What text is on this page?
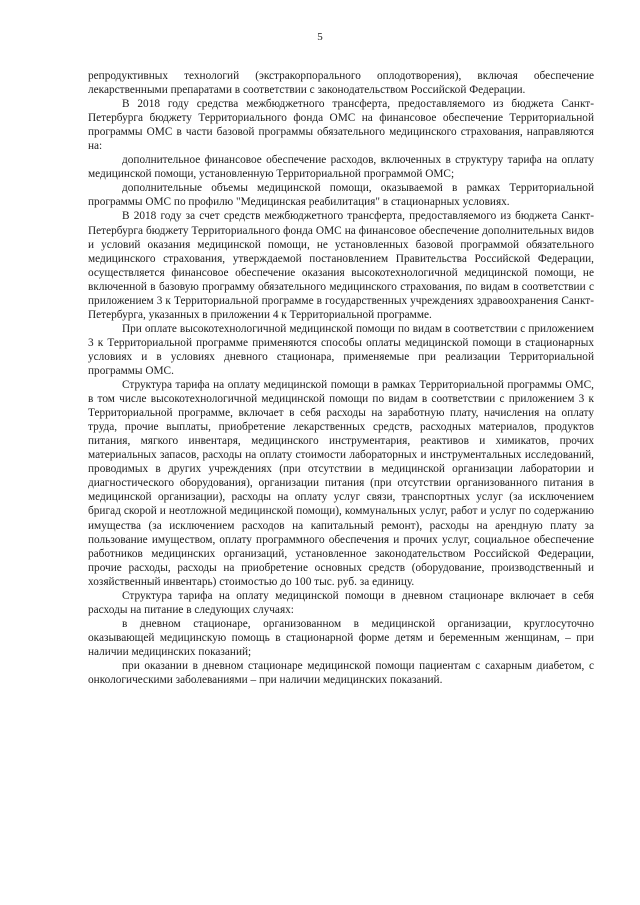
5

репродуктивных технологий (экстракорпорального оплодотворения), включая обеспечение лекарственными препаратами в соответствии с законодательством Российской Федерации.

В 2018 году средства межбюджетного трансферта, предоставляемого из бюджета Санкт-Петербурга бюджету Территориального фонда ОМС на финансовое обеспечение Территориальной программы ОМС в части базовой программы обязательного медицинского страхования, направляются на:

дополнительное финансовое обеспечение расходов, включенных в структуру тарифа на оплату медицинской помощи, установленную Территориальной программой ОМС;

дополнительные объемы медицинской помощи, оказываемой в рамках Территориальной программы ОМС по профилю "Медицинская реабилитация" в стационарных условиях.

В 2018 году за счет средств межбюджетного трансферта, предоставляемого из бюджета Санкт-Петербурга бюджету Территориального фонда ОМС на финансовое обеспечение дополнительных видов и условий оказания медицинской помощи, не установленных базовой программой обязательного медицинского страхования, утверждаемой постановлением Правительства Российской Федерации, осуществляется финансовое обеспечение оказания высокотехнологичной медицинской помощи, не включенной в базовую программу обязательного медицинского страхования, по видам в соответствии с приложением 3 к Территориальной программе в государственных учреждениях здравоохранения Санкт-Петербурга, указанных в приложении 4 к Территориальной программе.

При оплате высокотехнологичной медицинской помощи по видам в соответствии с приложением 3 к Территориальной программе применяются способы оплаты медицинской помощи в стационарных условиях и в условиях дневного стационара, применяемые при реализации Территориальной программы ОМС.

Структура тарифа на оплату медицинской помощи в рамках Территориальной программы ОМС, в том числе высокотехнологичной медицинской помощи по видам в соответствии с приложением 3 к Территориальной программе, включает в себя расходы на заработную плату, начисления на оплату труда, прочие выплаты, приобретение лекарственных средств, расходных материалов, продуктов питания, мягкого инвентаря, медицинского инструментария, реактивов и химикатов, прочих материальных запасов, расходы на оплату стоимости лабораторных и инструментальных исследований, проводимых в других учреждениях (при отсутствии в медицинской организации лаборатории и диагностического оборудования), организации питания (при отсутствии организованного питания в медицинской организации), расходы на оплату услуг связи, транспортных услуг (за исключением бригад скорой и неотложной медицинской помощи), коммунальных услуг, работ и услуг по содержанию имущества (за исключением расходов на капитальный ремонт), расходы на арендную плату за пользование имуществом, оплату программного обеспечения и прочих услуг, социальное обеспечение работников медицинских организаций, установленное законодательством Российской Федерации, прочие расходы, расходы на приобретение основных средств (оборудование, производственный и хозяйственный инвентарь) стоимостью до 100 тыс. руб. за единицу.

Структура тарифа на оплату медицинской помощи в дневном стационаре включает в себя расходы на питание в следующих случаях:

в дневном стационаре, организованном в медицинской организации, круглосуточно оказывающей медицинскую помощь в стационарной форме детям и беременным женщинам, – при наличии медицинских показаний;

при оказании в дневном стационаре медицинской помощи пациентам с сахарным диабетом, с онкологическими заболеваниями – при наличии медицинских показаний.
